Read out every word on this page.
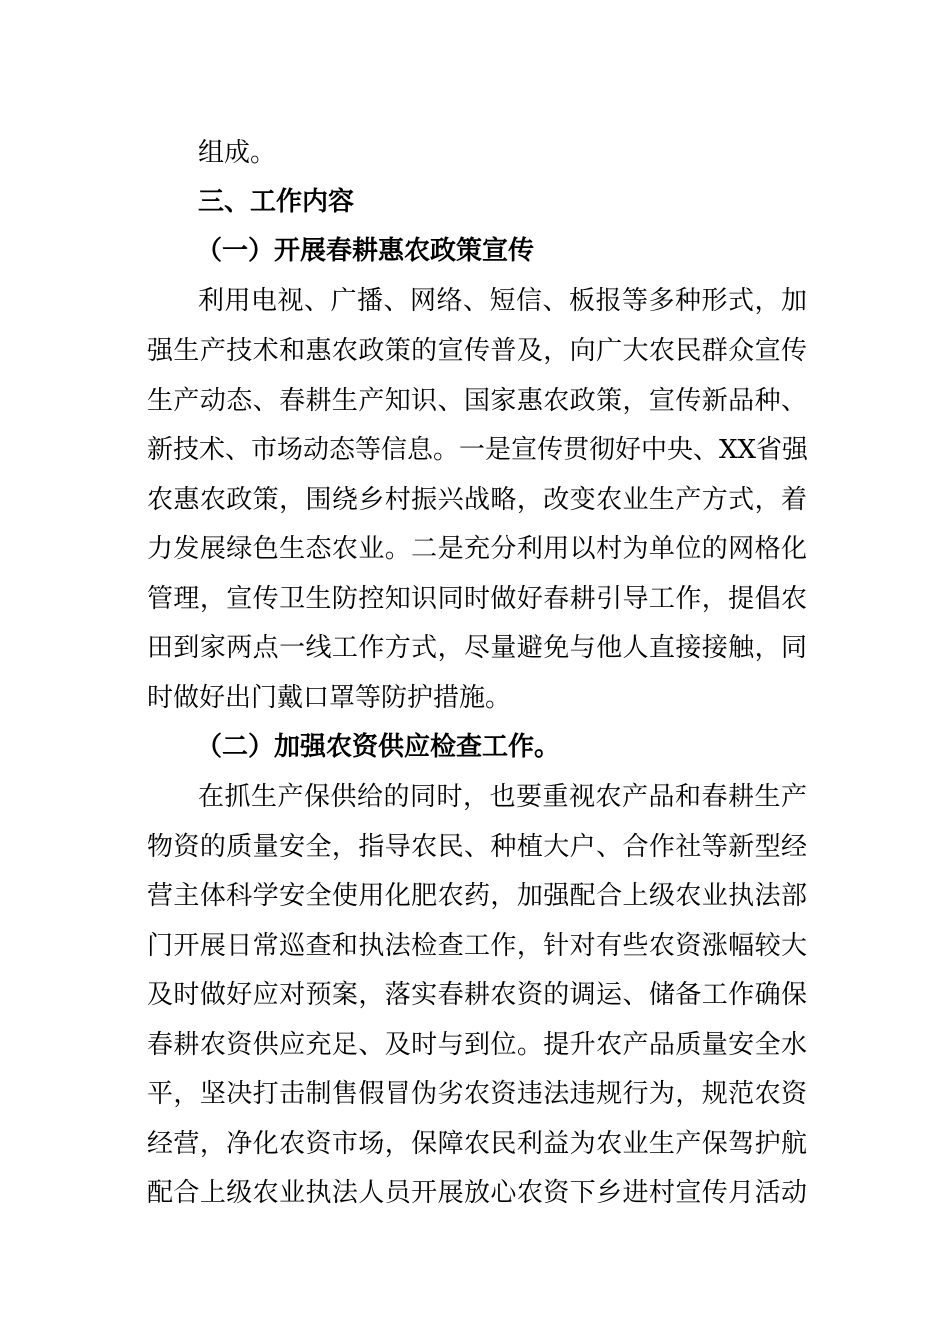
组成。
三、工作内容
（一）开展春耕惠农政策宣传
利用电视、广播、网络、短信、板报等多种形式，加
强生产技术和惠农政策的宣传普及，向广大农民群众宣传
生产动态、春耕生产知识、国家惠农政策，宣传新品种、
新技术、市场动态等信息。一是宣传贯彻好中央、XX省强
农惠农政策，围绕乡村振兴战略，改变农业生产方式，着
力发展绿色生态农业。二是充分利用以村为单位的网格化
管理，宣传卫生防控知识同时做好春耕引导工作，提倡农
田到家两点一线工作方式，尽量避免与他人直接接触，同
时做好出门戴口罩等防护措施。
（二）加强农资供应检查工作。
在抓生产保供给的同时，也要重视农产品和春耕生产
物资的质量安全，指导农民、种植大户、合作社等新型经
营主体科学安全使用化肥农药，加强配合上级农业执法部
门开展日常巡查和执法检查工作，针对有些农资涨幅较大
及时做好应对预案，落实春耕农资的调运、储备工作确保
春耕农资供应充足、及时与到位。提升农产品质量安全水
平，坚决打击制售假冒伪劣农资违法违规行为，规范农资
经营，净化农资市场，保障农民利益为农业生产保驾护航
配合上级农业执法人员开展放心农资下乡进村宣传月活动
